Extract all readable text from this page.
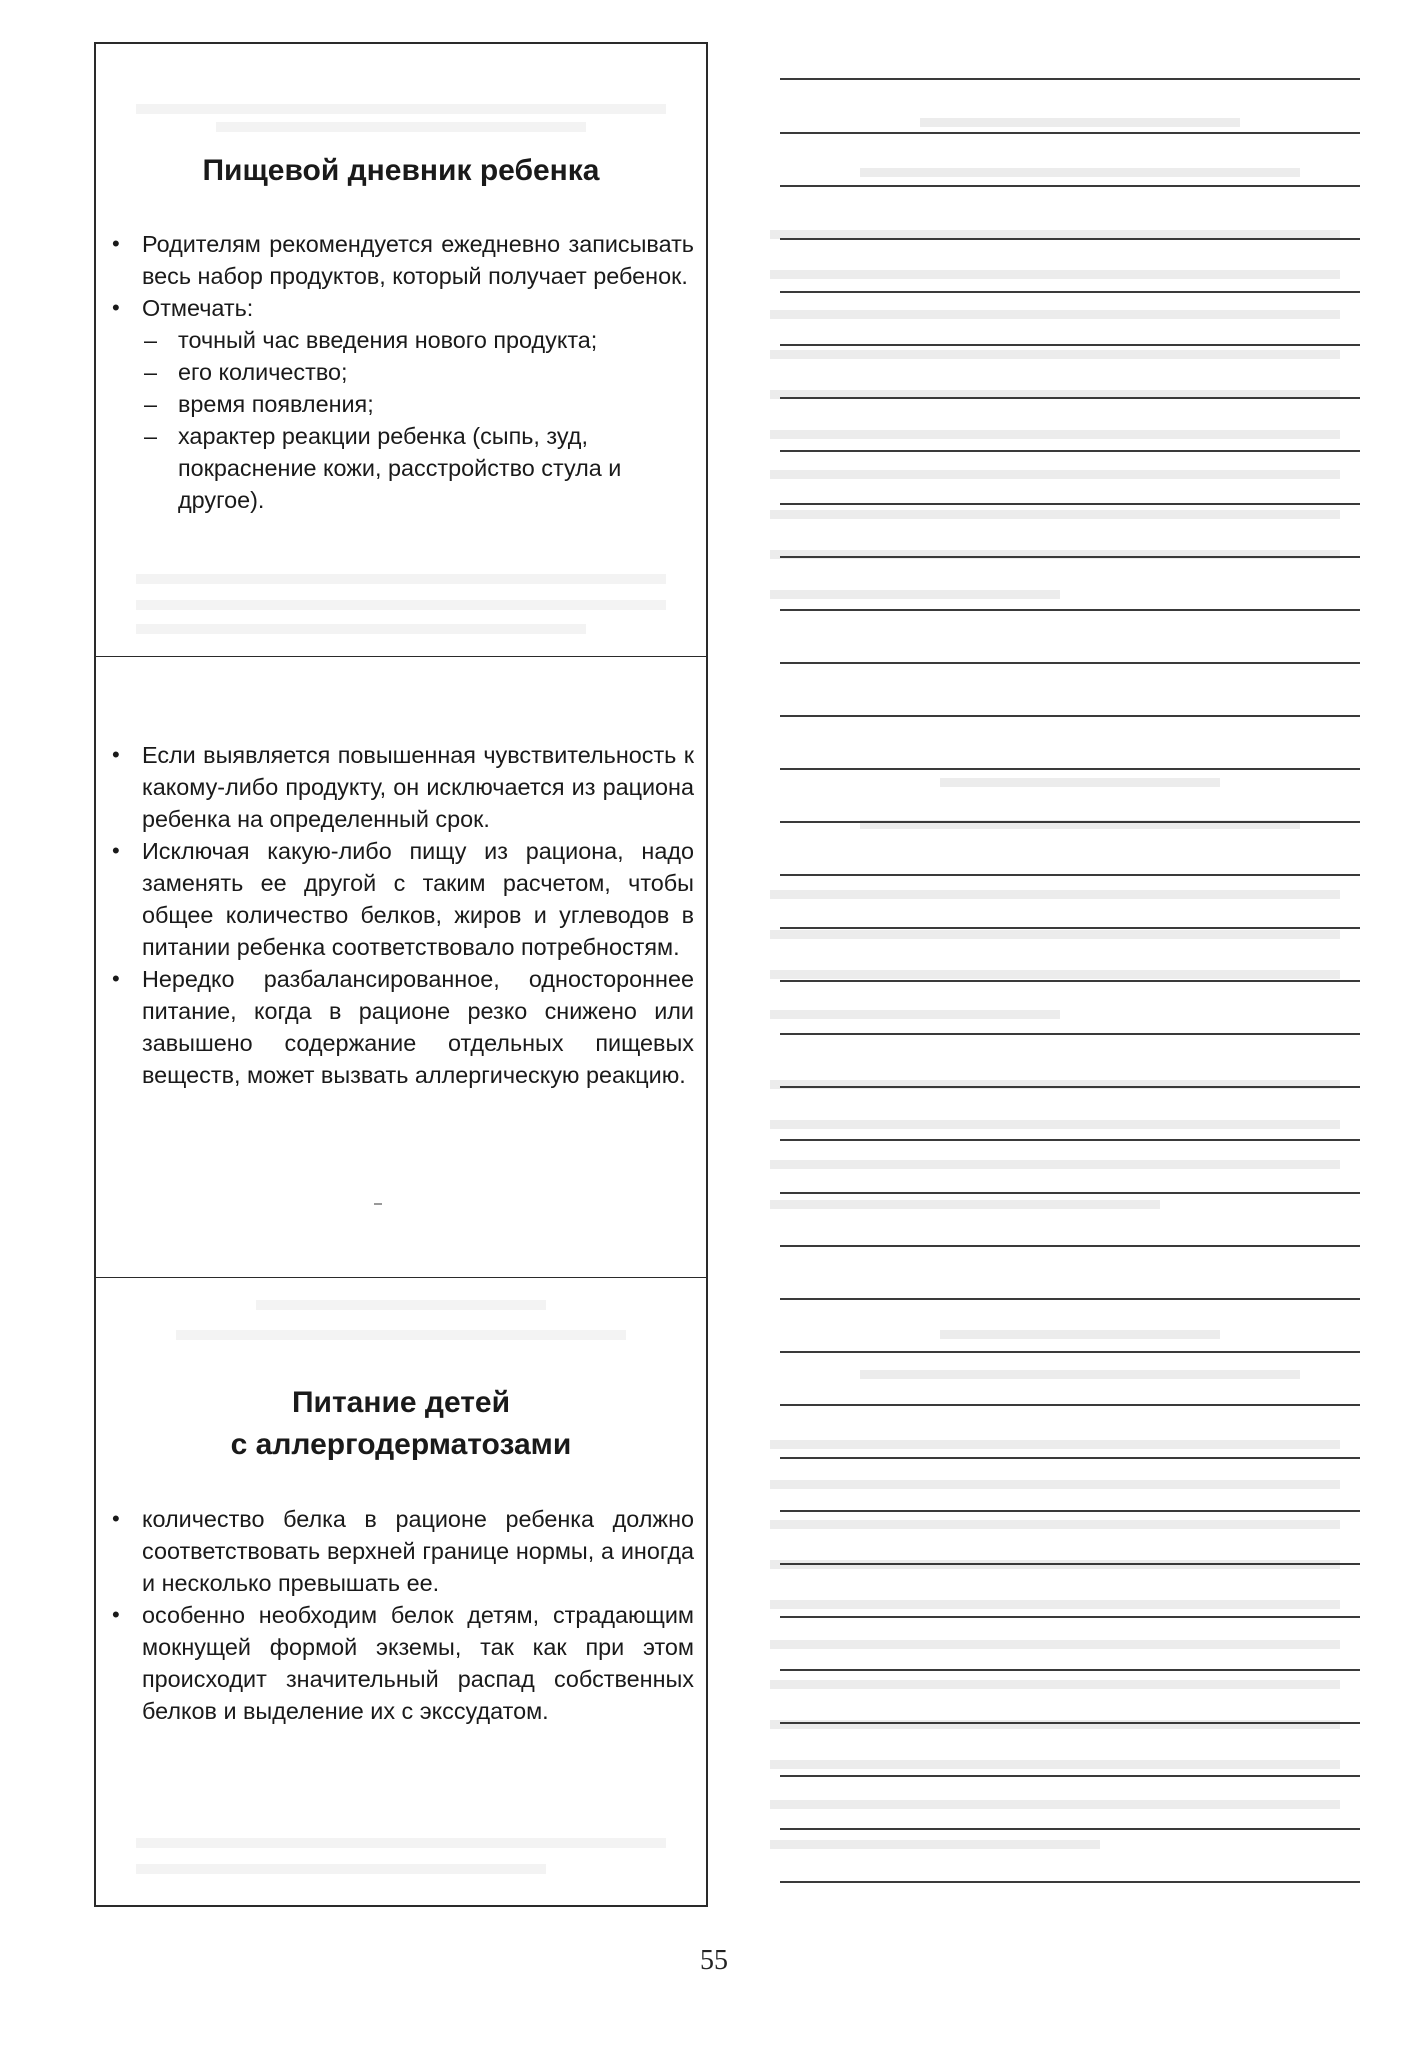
Пищевой дневник ребенка
• Родителям рекомендуется ежедневно записывать весь набор продуктов, который получает ребенок.
• Отмечать:
– точный час введения нового продукта;
– его количество;
– время появления;
– характер реакции ребенка (сыпь, зуд, покраснение кожи, расстройство стула и другое).
• Если выявляется повышенная чувствительность к какому-либо продукту, он исключается из рациона ребенка на определенный срок.
• Исключая какую-либо пищу из рациона, надо заменять ее другой с таким расчетом, чтобы общее количество белков, жиров и углеводов в питании ребенка соответствовало потребностям.
• Нередко разбалансированное, одностороннее питание, когда в рационе резко снижено или завышено содержание отдельных пищевых веществ, может вызвать аллергическую реакцию.
Питание детей
с аллергодерматозами
• количество белка в рационе ребенка должно соответствовать верхней границе нормы, а иногда и несколько превышать ее.
• особенно необходим белок детям, страдающим мокнущей формой экземы, так как при этом происходит значительный распад собственных белков и выделение их с экссудатом.
55
